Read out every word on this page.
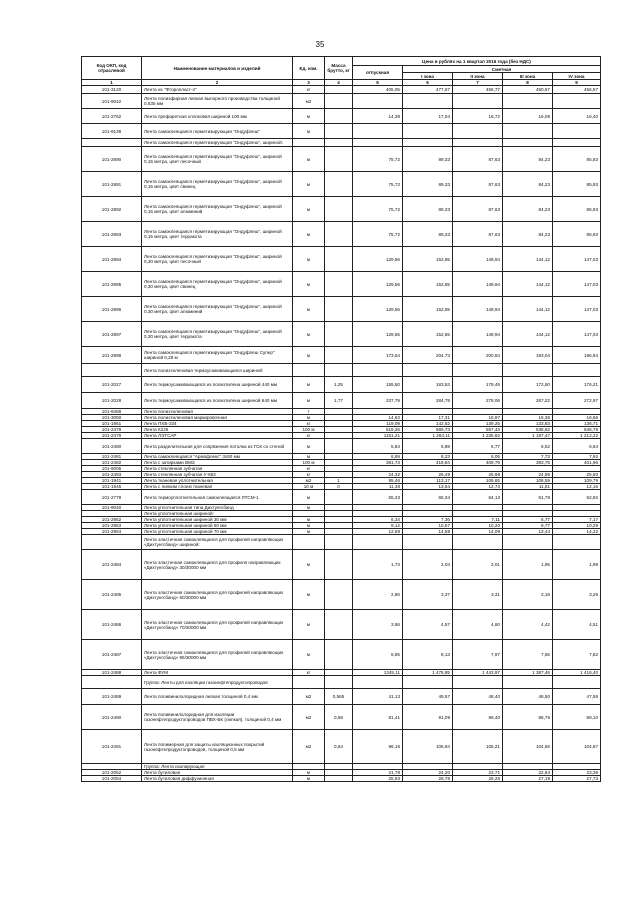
35
Код ОКП, код отраслевой	Наименование материалов и изделий	Ед. изм.	Масса брутто, кг	Цена в рублях на 1 квартал 2016 года (без НДС)				
				отпускная	Сметная			
					I зона	II зона	III зона	IV зона
1	2	3	4	5	6	7	8	9
101-3120	Лента из "Фторопласт-4"	кг		405,05	477,67	458,77	450,57	456,57
101-9042	Лента полиэфирная липкая выпорного производства толщиной 0,635 мм	м2						
101-2762	Лента префаретная хлопковая шириной 100 мм	м		14,39	17,04	16,72	16,08	16,40
101-9139	Лента самоклеящаяся герметизирующая "Ондуфлеш"	м						
	Лента самоклеящаяся герметизирующая "Ондуфлеш", шириной:							
101-2890	Лента самоклеящаяся герметизирующая "Ондуфлеш", шириной 0,15 метра, цвет песочный	м		75,72	89,33	87,63	84,23	85,93
101-2891	Лента самоклеящаяся герметизирующая "Ондуфлеш", шириной 0,15 метра, цвет свинец	м		75,72	89,33	87,63	84,23	85,93
101-2892	Лента самоклеящаяся герметизирующая "Ондуфлеш", шириной 0,15 метра, цвет алюминий	м		75,72	89,33	87,63	84,23	85,93
101-2893	Лента самоклеящаяся герметизирующая "Ондуфлеш", шириной 0,15 метра, цвет терракота	м		75,72	89,33	87,63	84,23	85,93
101-2894	Лента самоклеящаяся герметизирующая "Ондуфлеш", шириной 0,30 метра, цвет песочный	м		129,56	152,85	149,94	144,12	147,03
101-2895	Лента самоклеящаяся герметизирующая "Ондуфлеш", шириной 0,30 метра, цвет свинец	м		129,56	152,85	149,94	144,12	147,03
101-2896	Лента самоклеящаяся герметизирующая "Ондуфлеш", шириной 0,30 метра, цвет алюминий	м		129,56	152,85	149,94	144,12	147,03
101-2897	Лента самоклеящаяся герметизирующая "Ондуфлеш", шириной 0,30 метра, цвет терракота	м		129,56	152,85	149,94	144,12	147,03
101-2899	Лента самоклеящаяся герметизирующая "Ондуфлеш Супер" шириной 0,28 м	м		173,54	204,73	200,84	193,04	196,94
	Лента полиэтиленовая термоусаживающаяся шириной:							
101-2027	Лента термоусаживающаяся из полиэтилена шириной 440 мм	м	1,25	155,50	183,53	179,49	172,50	176,21
101-2028	Лента термоусаживающаяся из полиэтилена шириной 640 мм	м	1,77	237,79	284,79	278,06	267,22	272,97
101-9468	Лента полиэтиленовая	т						
101-3050	Лента полиэтиленовая маркировочная	м		14,62	17,31	16,97	16,36	16,66
101-1951	Лента ПХВ-334	кг		119,09	142,52	139,25	133,83	136,71
101-2478	Лента К226	100 м		519,26	569,73	557,43	535,62	546,78
101-2479	Лента ЛЭТСАР	кг		1151,21	1 263,11	1 235,82	1 187,47	1 212,22
101-2480	Лента разделительная для сопряжения потолка из ГСК со стеной	м		5,84	6,89	6,77	6,52	6,64
101-2481	Лента самоклеящаяся "Армофлекс" 3x50 мм	м		6,89	8,23	8,05	7,73	7,92
101-2482	Лента с затирками ВМЗ	100 м		381,73	418,84	409,79	393,75	401,96
101-9006	Лента стеклянная зубчатая	кг						
101-2483	Лента стеклянная зубчатая У-653	кг		24,32	26,49	25,98	24,96	25,50
101-1941	Лента тканевая уплотнительная	м2	1	95,46	113,17	106,65	106,59	109,79
101-1945	Лента с липким слоем тканевая	10 м	0	11,38	13,54	12,73	11,81	12,16
101-2779	Лента термоуплотнительная самоклеящаяся ЛТСМ-1	м		55,23	65,34	64,13	61,78	62,92
101-9040	Лента уплотнительная типа Дихтунгсбанд	м						
	Лента уплотнительная шириной:							
101-2952	Лента уплотнительная шириной 30 мм	м		6,34	7,36	7,11	6,77	7,17
101-2953	Лента уплотнительная шириной 50 мм	м		9,12	10,57	10,20	9,77	10,29
101-2954	Лента уплотнительная шириной 70 мм	м		12,59	14,59	14,09	13,44	14,22
	Лента эластичная самоклеящаяся для профилей направляющих «Дихтунгсбанд» шириной:							
101-2484	Лента эластичная самоклеящаяся для профиля направляющих «Дихтунгсбанд» 30/30000 мм	м		1,73	2,04	2,01	1,95	1,98
101-2485	Лента эластичная самоклеящаяся для профилей направляющих «Дихтунгсбанд» 50/30000 мм	м		2,86	3,37	3,31	3,18	3,25
101-2486	Лента эластичная самоклеящаяся для профилей направляющих «Дихтунгсбанд» 70/30000 мм	м		3,86	4,57	4,60	4,42	4,51
101-2487	Лента эластичная самоклеящаяся для профилей направляющих «Дихтунгсбанд» 95/30000 мм	м		6,85	8,13	7,97	7,66	7,82
101-2488	Лента ФУМ	кг		1345,11	1 475,85	1 443,97	1 387,46	1 416,40
	Группа: Ленты для изоляции газонефтепродуктопроводов							
101-2489	Лента поливинилхлоридная липкая толщиной 0,4 мм	м2	0,565	41,13	49,57	48,40	46,50	47,58
101-2490	Лента поливинилхлоридная для изоляции газонефтепродуктопроводов ПВХ-БК (липкая), толщиной 0,4 мм	м2	0,58	81,41	91,09	89,40	86,75	89,10
101-2491	Лента полимерная для защиты изоляционных покрытий газонефтепродуктопроводов, толщиной 0,5 мм	м2	0,64	96,16	105,84	105,21	104,56	104,87
	Группа: Лента изолирующая							
101-2052	Лента бутиловая	м		21,78	24,20	23,71	22,84	23,36
101-2054	Лента бутиловая диффузионная	м		25,93	28,78	28,25	27,19	27,73
